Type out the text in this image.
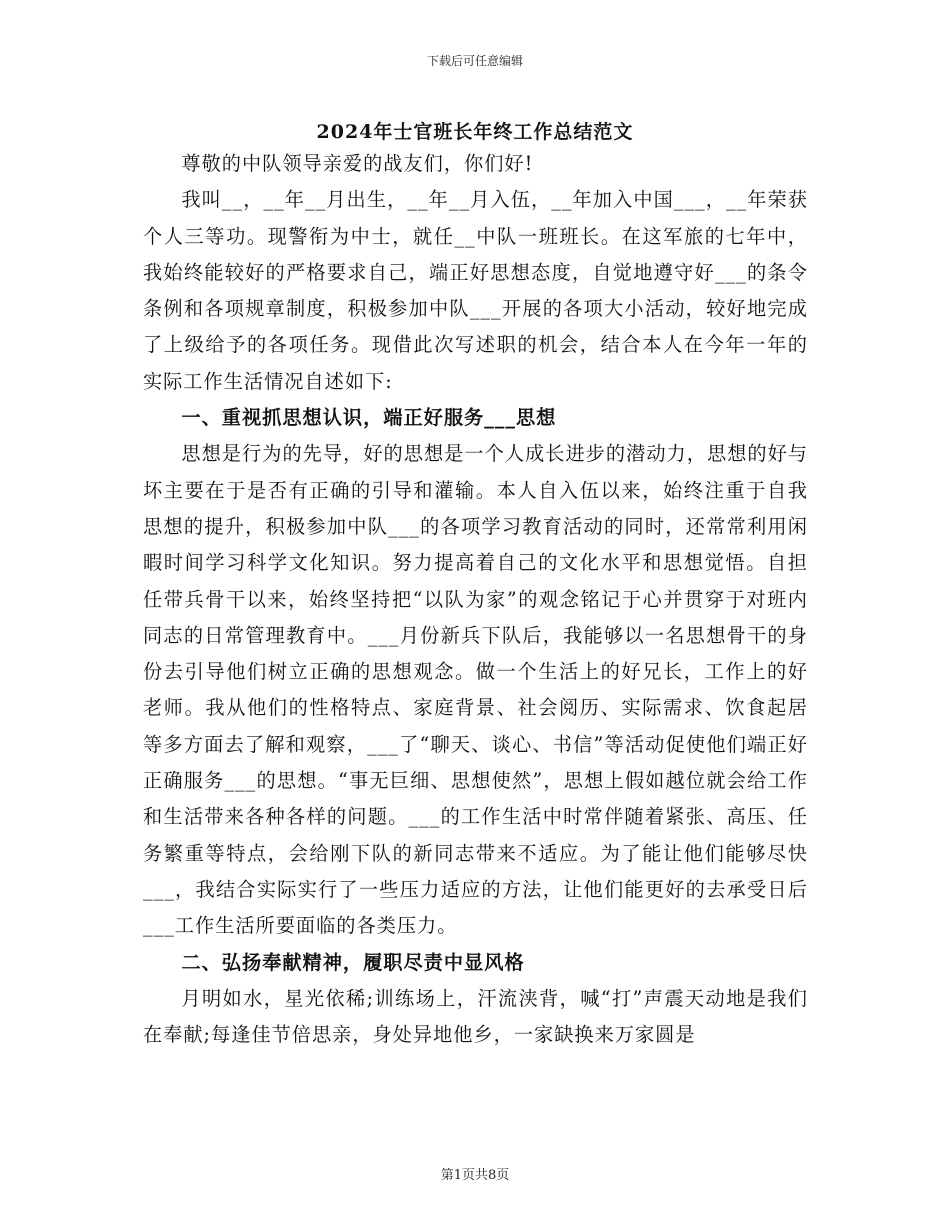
下载后可任意编辑
2024年士官班长年终工作总结范文

尊敬的中队领导亲爱的战友们，你们好!

我叫__，__年__月出生，__年__月入伍，__年加入中国___，__年荣获个人三等功。现警衔为中士，就任__中队一班班长。在这军旅的七年中，我始终能较好的严格要求自己，端正好思想态度，自觉地遵守好___的条令条例和各项规章制度，积极参加中队___开展的各项大小活动，较好地完成了上级给予的各项任务。现借此次写述职的机会，结合本人在今年一年的实际工作生活情况自述如下:

一、重视抓思想认识，端正好服务___思想

思想是行为的先导，好的思想是一个人成长进步的潜动力，思想的好与坏主要在于是否有正确的引导和灌输。本人自入伍以来，始终注重于自我思想的提升，积极参加中队___的各项学习教育活动的同时，还常常利用闲暇时间学习科学文化知识。努力提高着自己的文化水平和思想觉悟。自担任带兵骨干以来，始终坚持把“以队为家”的观念铭记于心并贯穿于对班内同志的日常管理教育中。___月份新兵下队后，我能够以一名思想骨干的身份去引导他们树立正确的思想观念。做一个生活上的好兄长，工作上的好老师。我从他们的性格特点、家庭背景、社会阅历、实际需求、饮食起居等多方面去了解和观察，___了“聊天、谈心、书信”等活动促使他们端正好正确服务___的思想。“事无巨细、思想使然”，思想上假如越位就会给工作和生活带来各种各样的问题。___的工作生活中时常伴随着紧张、高压、任务繁重等特点，会给刚下队的新同志带来不适应。为了能让他们能够尽快___，我结合实际实行了一些压力适应的方法，让他们能更好的去承受日后___工作生活所要面临的各类压力。

二、弘扬奉献精神，履职尽责中显风格

月明如水，星光依稀;训练场上，汗流浃背，喊“打”声震天动地是我们在奉献;每逢佳节倍思亲，身处异地他乡，一家缺换来万家圆是

第1页共8页
